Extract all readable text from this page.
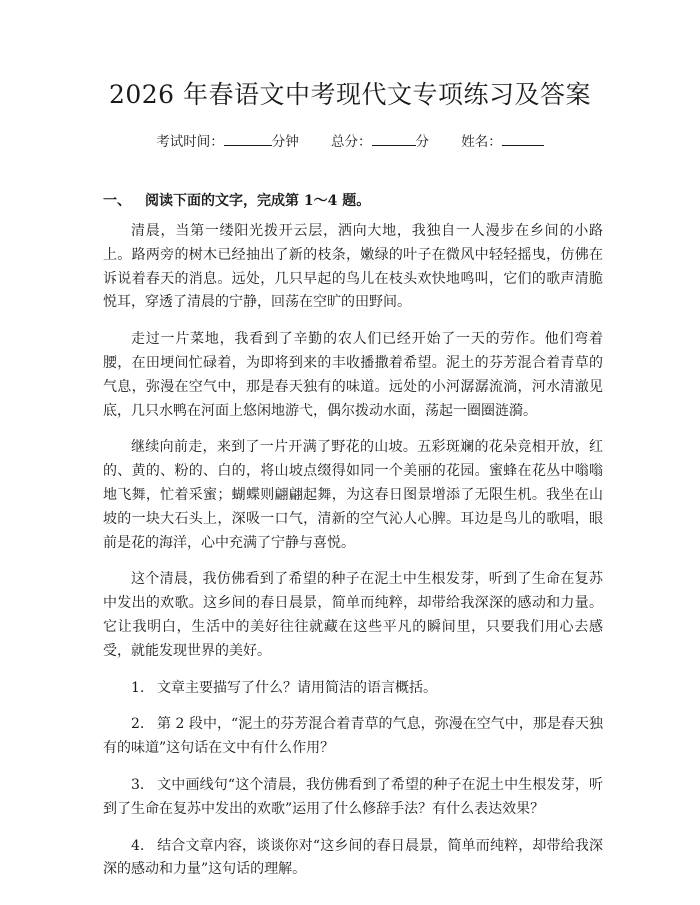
2026 年春语文中考现代文专项练习及答案
考试时间：	分钟 总分：	分 姓名：
一、 阅读下面的文字，完成第 1～4 题。

清晨，当第一缕阳光拨开云层，洒向大地，我独自一人漫步在乡间的小路上。路两旁的树木已经抽出了新的枝条，嫩绿的叶子在微风中轻轻摇曳，仿佛在诉说着春天的消息。远处，几只早起的鸟儿在枝头欢快地鸣叫，它们的歌声清脆悦耳，穿透了清晨的宁静，回荡在空旷的田野间。

走过一片菜地，我看到了辛勤的农人们已经开始了一天的劳作。他们弯着腰，在田埂间忙碌着，为即将到来的丰收播撒着希望。泥土的芬芳混合着青草的气息，弥漫在空气中，那是春天独有的味道。远处的小河潺潺流淌，河水清澈见底，几只水鸭在河面上悠闲地游弋，偶尔拨动水面，荡起一圈圈涟漪。

继续向前走，来到了一片开满了野花的山坡。五彩斑斓的花朵竞相开放，红的、黄的、粉的、白的，将山坡点缀得如同一个美丽的花园。蜜蜂在花丛中嗡嗡地飞舞，忙着采蜜；蝴蝶则翩翩起舞，为这春日图景增添了无限生机。我坐在山坡的一块大石头上，深吸一口气，清新的空气沁人心脾。耳边是鸟儿的歌唱，眼前是花的海洋，心中充满了宁静与喜悦。

这个清晨，我仿佛看到了希望的种子在泥土中生根发芽，听到了生命在复苏中发出的欢歌。这乡间的春日晨景，简单而纯粹，却带给我深深的感动和力量。它让我明白，生活中的美好往往就藏在这些平凡的瞬间里，只要我们用心去感受，就能发现世界的美好。

1. 文章主要描写了什么？请用简洁的语言概括。

2. 第 2 段中，“泥土的芬芳混合着青草的气息，弥漫在空气中，那是春天独有的味道”这句话在文中有什么作用？

3. 文中画线句“这个清晨，我仿佛看到了希望的种子在泥土中生根发芽，听到了生命在复苏中发出的欢歌”运用了什么修辞手法？有什么表达效果？

4. 结合文章内容，谈谈你对“这乡间的春日晨景，简单而纯粹，却带给我深深的感动和力量”这句话的理解。
